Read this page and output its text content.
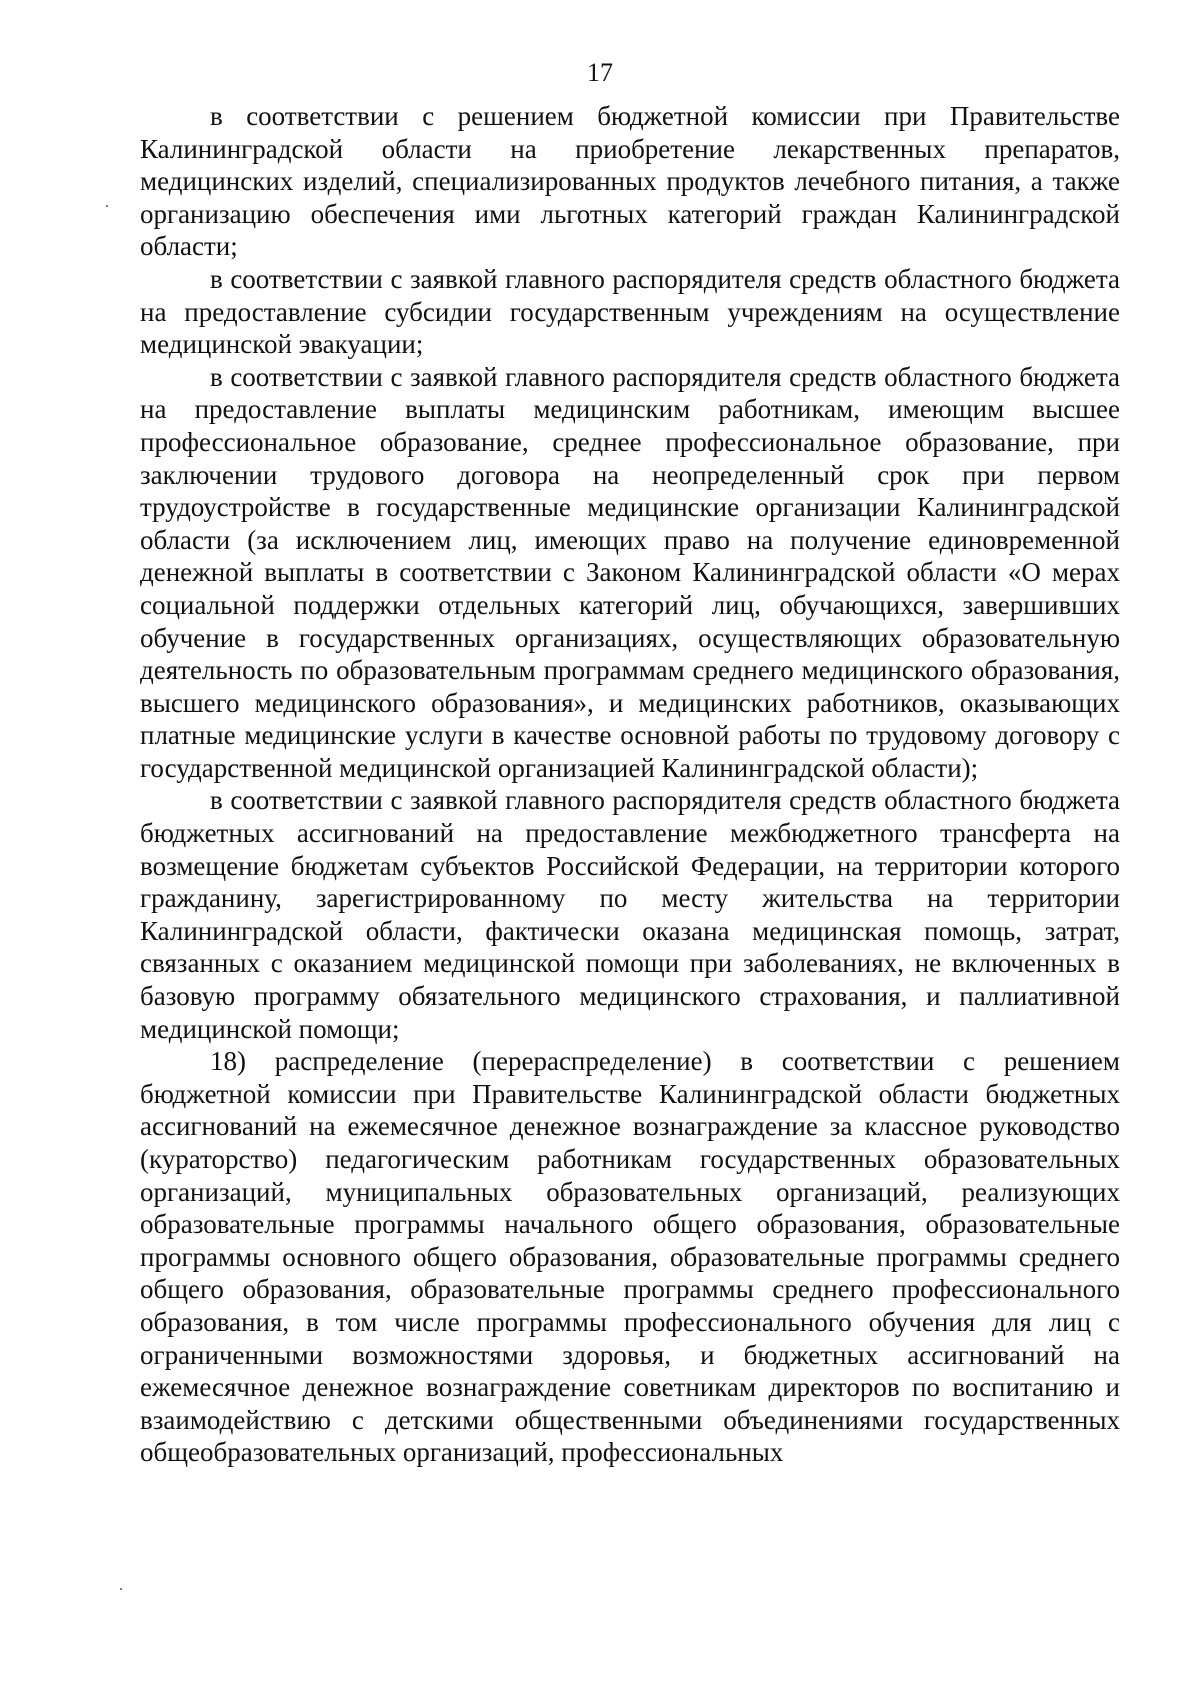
17

в соответствии с решением бюджетной комиссии при Правительстве Калининградской области на приобретение лекарственных препаратов, медицинских изделий, специализированных продуктов лечебного питания, а также организацию обеспечения ими льготных категорий граждан Калининградской области;

в соответствии с заявкой главного распорядителя средств областного бюджета на предоставление субсидии государственным учреждениям на осуществление медицинской эвакуации;

в соответствии с заявкой главного распорядителя средств областного бюджета на предоставление выплаты медицинским работникам, имеющим высшее профессиональное образование, среднее профессиональное образование, при заключении трудового договора на неопределенный срок при первом трудоустройстве в государственные медицинские организации Калининградской области (за исключением лиц, имеющих право на получение единовременной денежной выплаты в соответствии с Законом Калининградской области «О мерах социальной поддержки отдельных категорий лиц, обучающихся, завершивших обучение в государственных организациях, осуществляющих образовательную деятельность по образовательным программам среднего медицинского образования, высшего медицинского образования», и медицинских работников, оказывающих платные медицинские услуги в качестве основной работы по трудовому договору с государственной медицинской организацией Калининградской области);

в соответствии с заявкой главного распорядителя средств областного бюджета бюджетных ассигнований на предоставление межбюджетного трансферта на возмещение бюджетам субъектов Российской Федерации, на территории которого гражданину, зарегистрированному по месту жительства на территории Калининградской области, фактически оказана медицинская помощь, затрат, связанных с оказанием медицинской помощи при заболеваниях, не включенных в базовую программу обязательного медицинского страхования, и паллиативной медицинской помощи;

18) распределение (перераспределение) в соответствии с решением бюджетной комиссии при Правительстве Калининградской области бюджетных ассигнований на ежемесячное денежное вознаграждение за классное руководство (кураторство) педагогическим работникам государственных образовательных организаций, муниципальных образовательных организаций, реализующих образовательные программы начального общего образования, образовательные программы основного общего образования, образовательные программы среднего общего образования, образовательные программы среднего профессионального образования, в том числе программы профессионального обучения для лиц с ограниченными возможностями здоровья, и бюджетных ассигнований на ежемесячное денежное вознаграждение советникам директоров по воспитанию и взаимодействию с детскими общественными объединениями государственных общеобразовательных организаций, профессиональных
